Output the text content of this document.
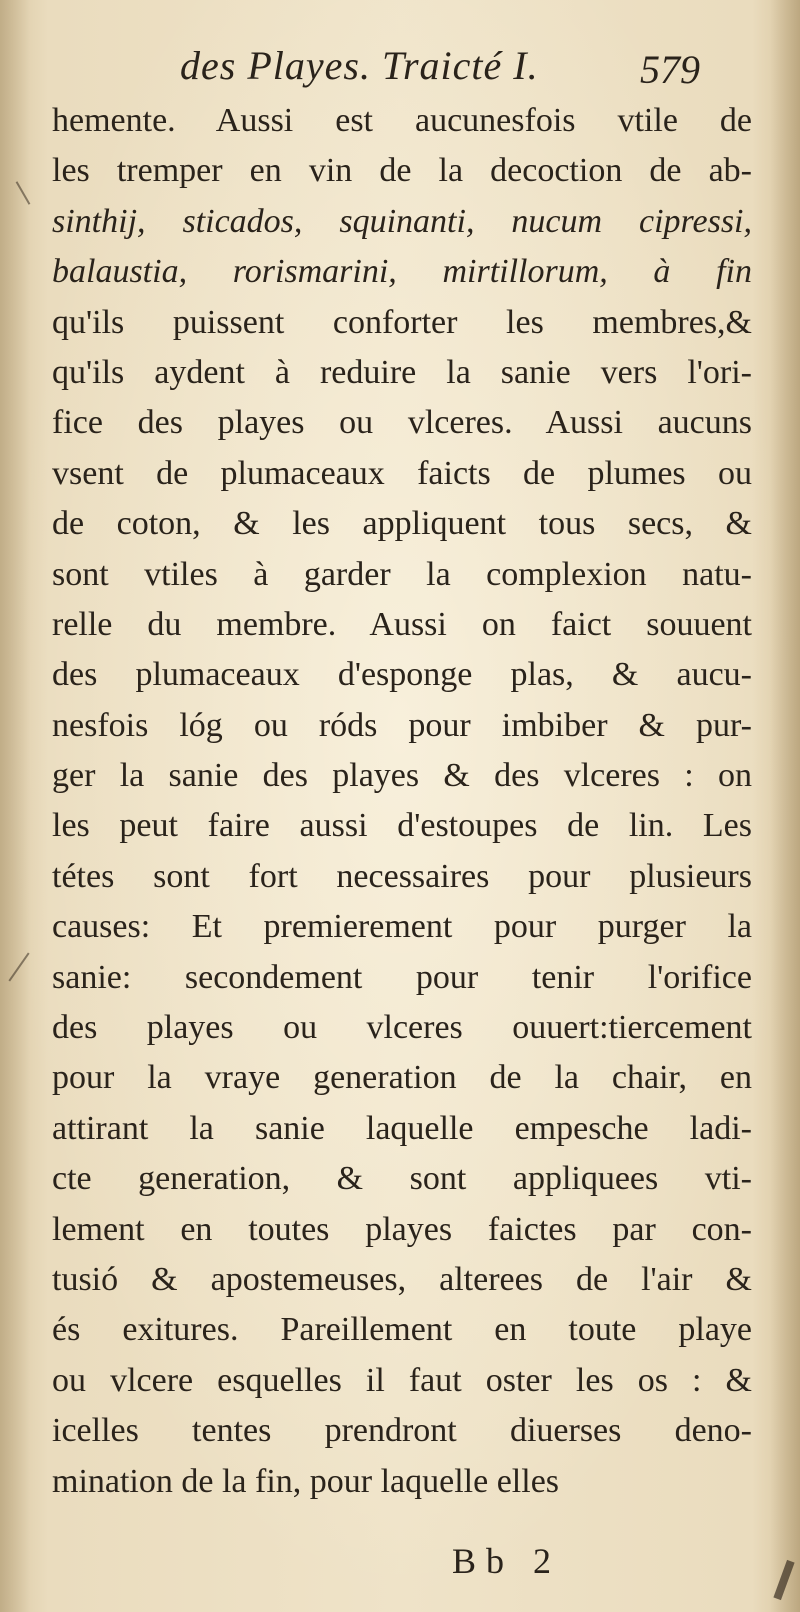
des Playes. Traicté I.	579
hemente. Aussi est aucunesfois vtile de
les tremper en vin de la decoction de ab-
sinthij, sticados, squinanti, nucum cipressi,
balaustia, rorismarini, mirtillorum, à fin
qu'ils puissent conforter les membres,&
qu'ils aydent à reduire la sanie vers l'ori-
fice des playes ou vlceres. Aussi aucuns
vsent de plumaceaux faicts de plumes ou
de coton, & les appliquent tous secs, &
sont vtiles à garder la complexion natu-
relle du membre. Aussi on faict souuent
des plumaceaux d'esponge plas, & aucu-
nesfois lóg ou róds pour imbiber & pur-
ger la sanie des playes & des vlceres : on
les peut faire aussi d'estoupes de lin. Les
tétes sont fort necessaires pour plusieurs
causes: Et premierement pour purger la
sanie: secondement pour tenir l'orifice
des playes ou vlceres ouuert:tiercement
pour la vraye generation de la chair, en
attirant la sanie laquelle empesche ladi-
cte generation, & sont appliquees vti-
lement en toutes playes faictes par con-
tusió & apostemeuses, alterees de l'air &
és exitures. Pareillement en toute playe
ou vlcere esquelles il faut oster les os : &
icelles tentes prendront diuerses deno-
mination de la fin, pour laquelle elles
Bb 2
